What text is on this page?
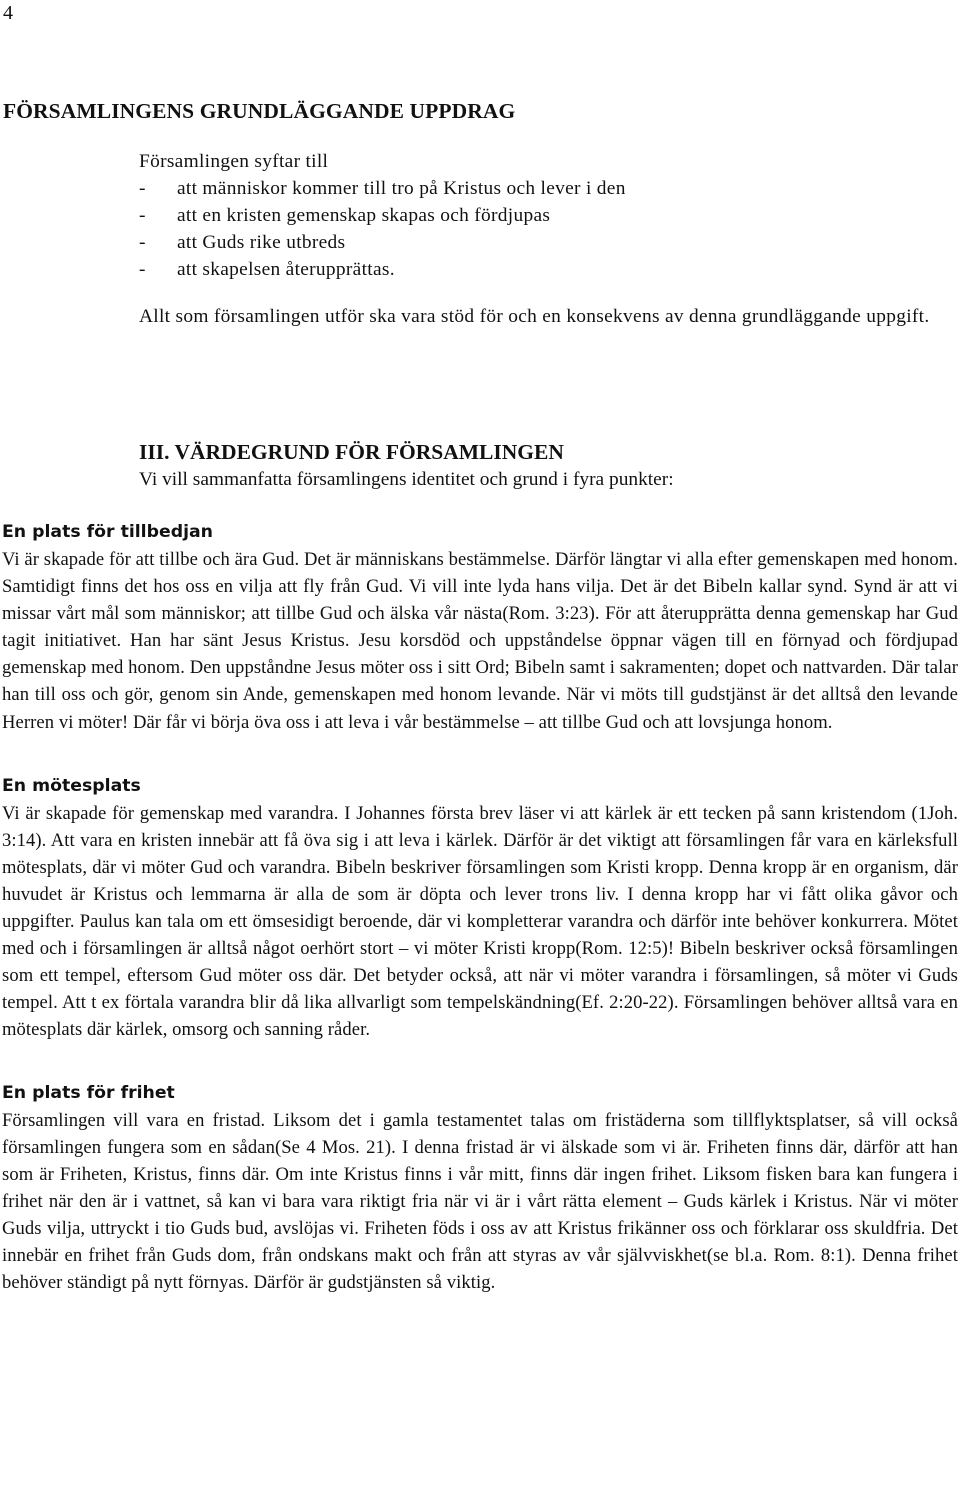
4
FÖRSAMLINGENS GRUNDLÄGGANDE UPPDRAG
Församlingen syftar till
- att människor kommer till tro på Kristus och lever i den
- att en kristen gemenskap skapas och fördjupas
- att Guds rike utbreds
- att skapelsen återupprättas.
Allt som församlingen utför ska vara stöd för och en konsekvens av denna grundläggande uppgift.
III. VÄRDEGRUND FÖR FÖRSAMLINGEN
Vi vill sammanfatta församlingens identitet och grund i fyra punkter:
En plats för tillbedjan

Vi är skapade för att tillbe och ära Gud. Det är människans bestämmelse. Därför längtar vi alla efter gemenskapen med honom. Samtidigt finns det hos oss en vilja att fly från Gud. Vi vill inte lyda hans vilja. Det är det Bibeln kallar synd. Synd är att vi missar vårt mål som människor; att tillbe Gud och älska vår nästa(Rom. 3:23). För att återupprätta denna gemenskap har Gud tagit initiativet. Han har sänt Jesus Kristus. Jesu korsdöd och uppståndelse öppnar vägen till en förnyad och fördjupad gemenskap med honom. Den uppståndne Jesus möter oss i sitt Ord; Bibeln samt i sakramenten; dopet och nattvarden. Där talar han till oss och gör, genom sin Ande, gemenskapen med honom levande. När vi möts till gudstjänst är det alltså den levande Herren vi möter! Där får vi börja öva oss i att leva i vår bestämmelse – att tillbe Gud och att lovsjunga honom.

En mötesplats

Vi är skapade för gemenskap med varandra. I Johannes första brev läser vi att kärlek är ett tecken på sann kristendom (1Joh. 3:14). Att vara en kristen innebär att få öva sig i att leva i kärlek. Därför är det viktigt att församlingen får vara en kärleksfull mötesplats, där vi möter Gud och varandra. Bibeln beskriver församlingen som Kristi kropp. Denna kropp är en organism, där huvudet är Kristus och lemmarna är alla de som är döpta och lever trons liv. I denna kropp har vi fått olika gåvor och uppgifter. Paulus kan tala om ett ömsesidigt beroende, där vi kompletterar varandra och därför inte behöver konkurrera. Mötet med och i församlingen är alltså något oerhört stort – vi möter Kristi kropp(Rom. 12:5)! Bibeln beskriver också församlingen som ett tempel, eftersom Gud möter oss där. Det betyder också, att när vi möter varandra i församlingen, så möter vi Guds tempel. Att t ex förtala varandra blir då lika allvarligt som tempelskändning(Ef. 2:20-22). Församlingen behöver alltså vara en mötesplats där kärlek, omsorg och sanning råder.

En plats för frihet

Församlingen vill vara en fristad. Liksom det i gamla testamentet talas om fristäderna som tillflyktsplatser, så vill också församlingen fungera som en sådan(Se 4 Mos. 21). I denna fristad är vi älskade som vi är. Friheten finns där, därför att han som är Friheten, Kristus, finns där. Om inte Kristus finns i vår mitt, finns där ingen frihet. Liksom fisken bara kan fungera i frihet när den är i vattnet, så kan vi bara vara riktigt fria när vi är i vårt rätta element – Guds kärlek i Kristus. När vi möter Guds vilja, uttryckt i tio Guds bud, avslöjas vi. Friheten föds i oss av att Kristus frikänner oss och förklarar oss skuldfria. Det innebär en frihet från Guds dom, från ondskans makt och från att styras av vår självviskhet(se bl.a. Rom. 8:1). Denna frihet behöver ständigt på nytt förnyas. Därför är gudstjänsten så viktig.
